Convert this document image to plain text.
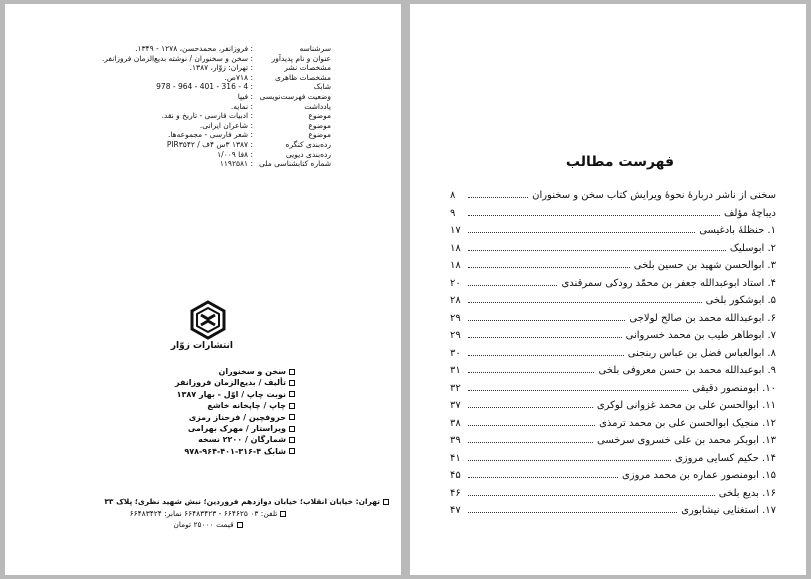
سرشناسه
: فروزانفر، محمدحسن، ۱۲۷۸ - ۱۳۴۹.
عنوان و نام پدیدآور
: سخن و سخنوران / نوشته بدیع‌الزمان فروزانفر.
مشخصات نشر
: تهران: زوّار، ۱۳۸۷.
مشخصات ظاهری
: ۷۱۸ص.
شابک
978 - 964 - 401 - 316 - 4 :
وضعیت فهرست‌نویسی
: فیپا
یادداشت
: نمایه.
موضوع
: ادبیات فارسی - تاریخ و نقد.
موضوع
: شاعران ایرانی.
موضوع
: شعر فارسی - مجموعه‌ها.
رده‌بندی کنگره
: ۱۳۸۷ ۳س ۴ف / PIR۳۵۴۲
رده‌بندی دیویی
: ۸فا ۱/۰۰۹
شماره کتابشناسی ملی
: ۱۱۹۲۵۸۱
انتشارات زوّار
سخن و سخنوران
تألیف / بدیع‌الزمان فروزانفر
نوبت چاپ / اوّل - بهار ۱۳۸۷
چاپ / چاپخانه خاشع
حروفچین / فرحناز رمزی
ویراستار / مهرک بهرامی
شمارگان / ۲۲۰۰ نسخه
شابک ۴-۳۱۶-۴۰۱-۹۶۴-۹۷۸
تهران: خیابان انقلاب؛ خیابان دوازدهم فروردین؛ نبش شهید نظری؛ پلاک ۳۳
تلفن: ۰۳ ۶۶۴۶۲۵ - ۶۶۴۸۳۴۲۳ نمابر: ۶۶۴۸۳۴۲۴
قیمت ۲۵۰۰۰ تومان
فهرست مطالب
سخنی از ناشر دربارهٔ نحوهٔ ویرایش کتاب سخن و سخنوران
۸
دیباچهٔ مؤلف
۹
۱. حنظلهٔ بادغیسی
۱۷
۲. ابوسلیک
۱۸
۳. ابوالحسن شهید بن حسین بلخی
۱۸
۴. استاد ابوعبدالله جعفر بن محمّد رودکی سمرقندی
۲۰
۵. ابوشکور بلخی
۲۸
۶. ابوعبدالله محمد بن صالح لولاجی
۲۹
۷. ابوطاهر طیب بن محمد خسروانی
۲۹
۸. ابوالعباس فضل بن عباس ربنجنی
۳۰
۹. ابوعبدالله محمد بن حسن معروفی بلخی
۳۱
۱۰. ابومنصور دقیقی
۳۲
۱۱. ابوالحسن علی بن محمد غزوانی لوکری
۳۷
۱۲. منجیک ابوالحسن علی بن محمد ترمذی
۳۸
۱۳. ابوبکر محمد بن علی خسروی سرخسی
۳۹
۱۴. حکیم کسایی مروزی
۴۱
۱۵. ابومنصور عماره بن محمد مروزی
۴۵
۱۶. بدیع بلخی
۴۶
۱۷. استغنایی نیشابوری
۴۷
